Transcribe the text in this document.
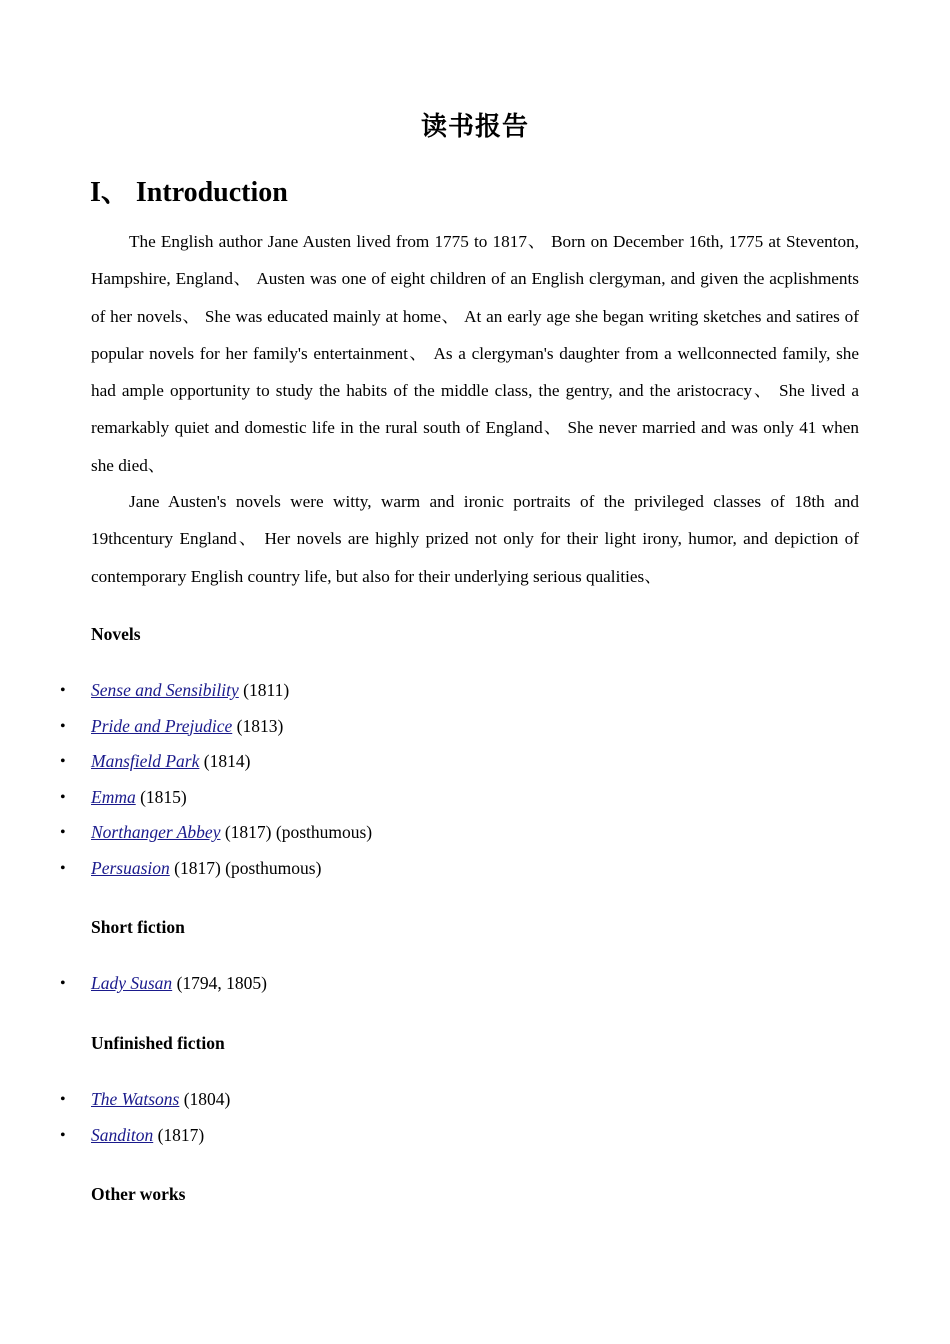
读书报告
I、 Introduction

The English author Jane Austen lived from 1775 to 1817、 Born on December 16th, 1775 at Steventon, Hampshire, England、 Austen was one of eight children of an English clergyman, and given the acplishments of her novels、 She was educated mainly at home、 At an early age she began writing sketches and satires of popular novels for her family's entertainment、 As a clergyman's daughter from a wellconnected family, she had ample opportunity to study the habits of the middle class, the gentry, and the aristocracy、 She lived a remarkably quiet and domestic life in the rural south of England、 She never married and was only 41 when she died、

Jane Austen's novels were witty, warm and ironic portraits of the privileged classes of 18th and 19thcentury England、 Her novels are highly prized not only for their light irony, humor, and depiction of contemporary English country life, but also for their underlying serious qualities、

Novels

• Sense and Sensibility (1811)
• Pride and Prejudice (1813)
• Mansfield Park (1814)
• Emma (1815)
• Northanger Abbey (1817) (posthumous)
• Persuasion (1817) (posthumous)

Short fiction

• Lady Susan (1794, 1805)

Unfinished fiction

• The Watsons (1804)
• Sanditon (1817)

Other works
